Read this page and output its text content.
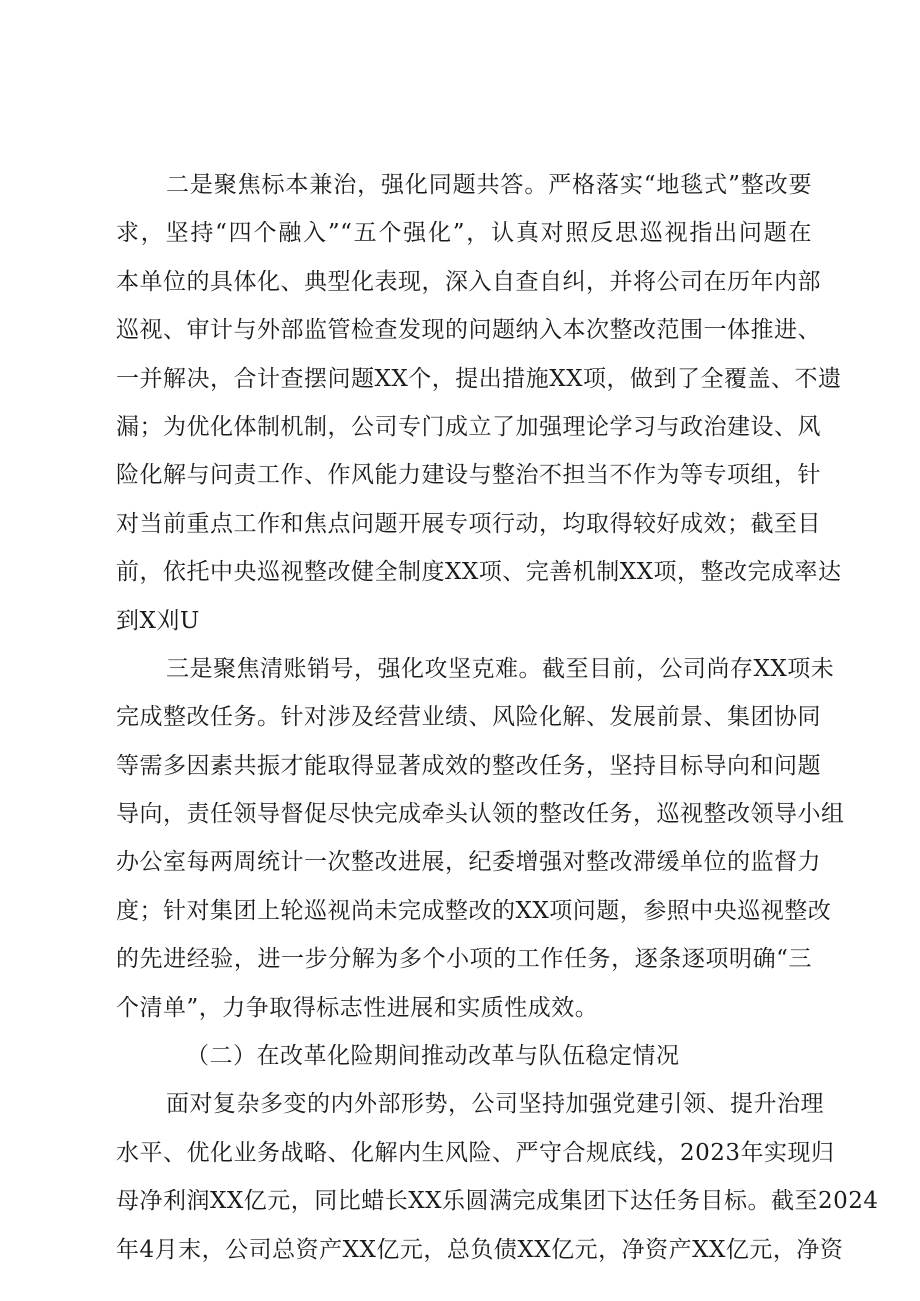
二是聚焦标本兼治，强化同题共答。严格落实“地毯式”整改要
求，坚持“四个融入”“五个强化”，认真对照反思巡视指出问题在
本单位的具体化、典型化表现，深入自查自纠，并将公司在历年内部
巡视、审计与外部监管检查发现的问题纳入本次整改范围一体推进、
一并解决，合计查摆问题XX个，提出措施XX项，做到了全覆盖、不遗
漏；为优化体制机制，公司专门成立了加强理论学习与政治建设、风
险化解与问责工作、作风能力建设与整治不担当不作为等专项组，针
对当前重点工作和焦点问题开展专项行动，均取得较好成效；截至目
前，依托中央巡视整改健全制度XX项、完善机制XX项，整改完成率达
到X刈U
三是聚焦清账销号，强化攻坚克难。截至目前，公司尚存XX项未
完成整改任务。针对涉及经营业绩、风险化解、发展前景、集团协同
等需多因素共振才能取得显著成效的整改任务，坚持目标导向和问题
导向，责任领导督促尽快完成牵头认领的整改任务，巡视整改领导小组
办公室每两周统计一次整改进展，纪委增强对整改滞缓单位的监督力
度；针对集团上轮巡视尚未完成整改的XX项问题，参照中央巡视整改
的先进经验，进一步分解为多个小项的工作任务，逐条逐项明确“三
个清单”，力争取得标志性进展和实质性成效。
（二）在改革化险期间推动改革与队伍稳定情况
面对复杂多变的内外部形势，公司坚持加强党建引领、提升治理
水平、优化业务战略、化解内生风险、严守合规底线，2023年实现归
母净利润XX亿元，同比蜡长XX乐圆满完成集团下达任务目标。截至2024
年4月末，公司总资产XX亿元，总负债XX亿元，净资产XX亿元，净资
